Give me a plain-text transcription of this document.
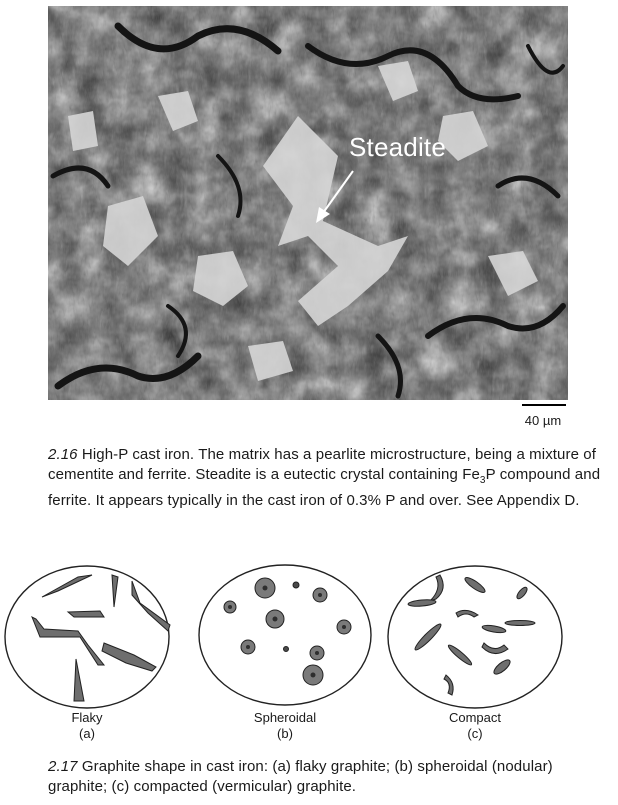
Steadite
40 µm
2.16 High-P cast iron. The matrix has a pearlite microstructure, being a mixture of cementite and ferrite. Steadite is a eutectic crystal containing $Fe_3P$ compound and ferrite. It appears typically in the cast iron of 0.3% P and over. See Appendix D.
Flaky
(a)
Spheroidal
(b)
Compact
(c)
2.17 Graphite shape in cast iron: (a) flaky graphite; (b) spheroidal (nodular) graphite; (c) compacted (vermicular) graphite.
